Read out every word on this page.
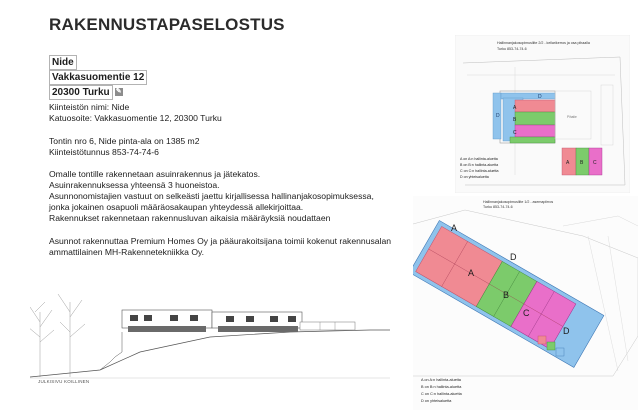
RAKENNUSTAPASELOSTUS
Nide
Vakkasuomentie 12
20300 Turku ✎
Kiinteistön nimi: Nide
Katuosoite: Vakkasuomentie 12, 20300 Turku
Tontin nro 6, Nide pinta-ala on 1385 m2
Kiinteistötunnus 853-74-74-6
Omalle tontille rakennetaan asuinrakennus ja jätekatos.
Asuinrakennuksessa yhteensä 3 huoneistoa.
Asunnonomistajien vastuut on selkeästi jaettu kirjallisessa hallinanjakosopimuksessa,
jonka jokainen osapuoli määräosakaupan yhteydessä allekirjoittaa.
Rakennukset rakennetaan rakennusluvan aikaisia määräyksiä noudattaen
Asunnot rakennuttaa Premium Homes Oy ja pääurakoitsijana toimii kokenut rakennusalan
ammattilainen MH-Rakennetekniikka Oy.
Hallinnanjakosopimusliite 2/2 - kellarikerros ja osa pihaalla
Turku 853-74-74-6
D
D
A
B
C
Pihatie
A B C
A on A:n hallinta-aluetta
B on B:n hallinta-aluetta
C on C:n hallinta-aluetta
D on yhteisaluetta
Hallinnanjakosopimusliite 1/2 - asemapiirros
Turku 853-74-74-6
A
A
B
C
D
D
A on A:n hallinta-aluetta
B on B:n hallinta-aluetta
C on C:n hallinta-aluetta
D on yhteisaluetta
JULKISIVU KOILLINEN
